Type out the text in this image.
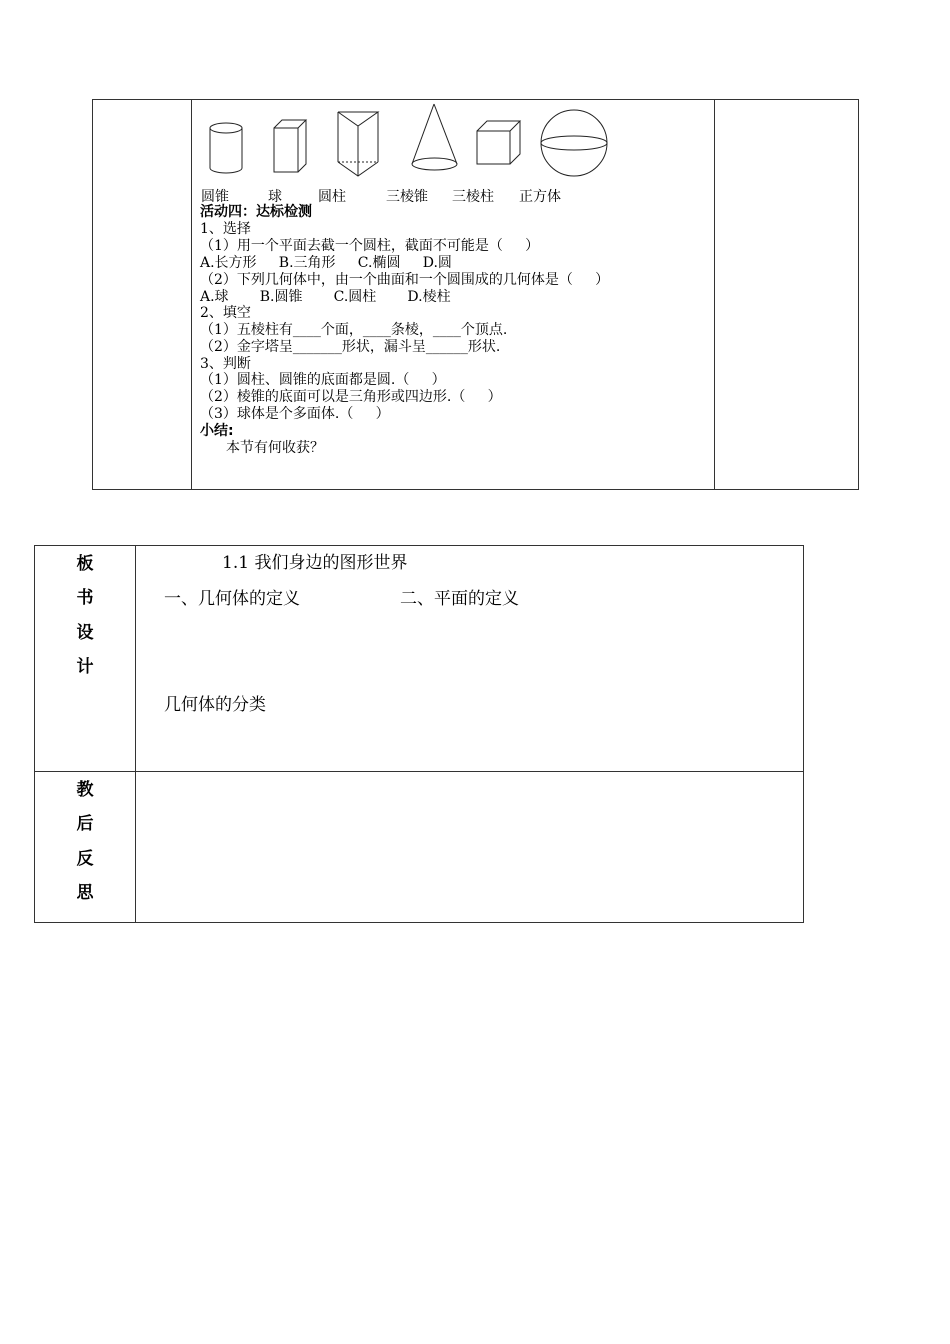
圆锥	球	圆柱	三棱锥 三棱柱 正方体
活动四：达标检测
1、选择
（1）用一个平面去截一个圆柱，截面不可能是（     ）
A.长方形     B.三角形     C.椭圆     D.圆
（2）下列几何体中，由一个曲面和一个圆围成的几何体是（     ）
A.球       B.圆锥       C.圆柱       D.棱柱
2、填空
（1）五棱柱有____个面，____条棱，____个顶点.
（2）金字塔呈_______形状，漏斗呈______形状.
3、判断
（1）圆柱、圆锥的底面都是圆.（     ）
（2）棱锥的底面可以是三角形或四边形.（     ）
（3）球体是个多面体.（     ）
小结:
本节有何收获？
板
书
设
计
1.1 我们身边的图形世界
一、几何体的定义	二、平面的定义
几何体的分类
教
后
反
思
